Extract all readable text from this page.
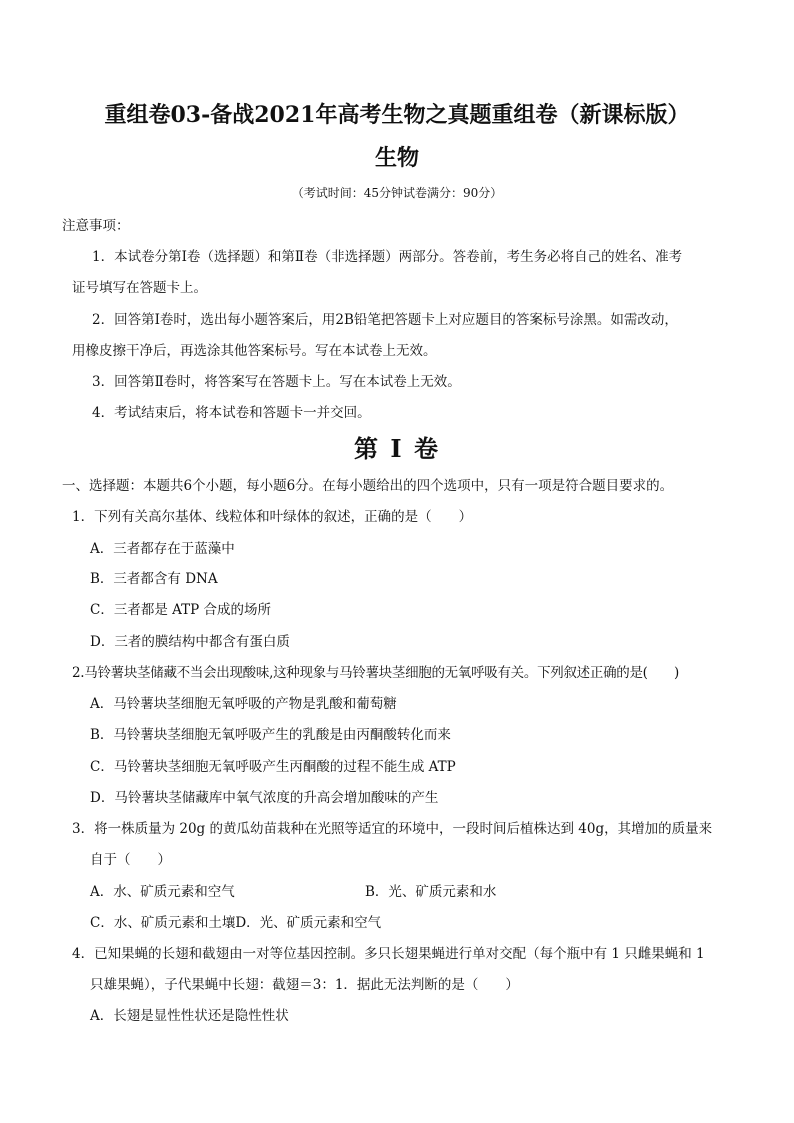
重组卷03-备战2021年高考生物之真题重组卷（新课标版）
生物
（考试时间：45分钟试卷满分：90分）
注意事项：
1．本试卷分第Ⅰ卷（选择题）和第Ⅱ卷（非选择题）两部分。答卷前，考生务必将自己的姓名、准考
证号填写在答题卡上。
2．回答第Ⅰ卷时，选出每小题答案后，用2B铅笔把答题卡上对应题目的答案标号涂黑。如需改动，
用橡皮擦干净后，再选涂其他答案标号。写在本试卷上无效。
3．回答第Ⅱ卷时，将答案写在答题卡上。写在本试卷上无效。
4．考试结束后，将本试卷和答题卡一并交回。
第 I 卷
一、选择题：本题共6个小题，每小题6分。在每小题给出的四个选项中，只有一项是符合题目要求的。
1．下列有关高尔基体、线粒体和叶绿体的叙述，正确的是（　　）
A．三者都存在于蓝藻中
B．三者都含有 DNA
C．三者都是 ATP 合成的场所
D．三者的膜结构中都含有蛋白质
2.马铃薯块茎储藏不当会出现酸味,这种现象与马铃薯块茎细胞的无氧呼吸有关。下列叙述正确的是(　　)
A．马铃薯块茎细胞无氧呼吸的产物是乳酸和葡萄糖
B．马铃薯块茎细胞无氧呼吸产生的乳酸是由丙酮酸转化而来
C．马铃薯块茎细胞无氧呼吸产生丙酮酸的过程不能生成 ATP
D．马铃薯块茎储藏库中氧气浓度的升高会增加酸味的产生
3．将一株质量为 20g 的黄瓜幼苗栽种在光照等适宜的环境中，一段时间后植株达到 40g，其增加的质量来
自于（　　）
A．水、矿质元素和空气	B．光、矿质元素和水
C．水、矿质元素和土壤D．光、矿质元素和空气
4．已知果蝇的长翅和截翅由一对等位基因控制。多只长翅果蝇进行单对交配（每个瓶中有 1 只雌果蝇和 1
只雄果蝇），子代果蝇中长翅：截翅＝3：1．据此无法判断的是（　　）
A．长翅是显性性状还是隐性性状
